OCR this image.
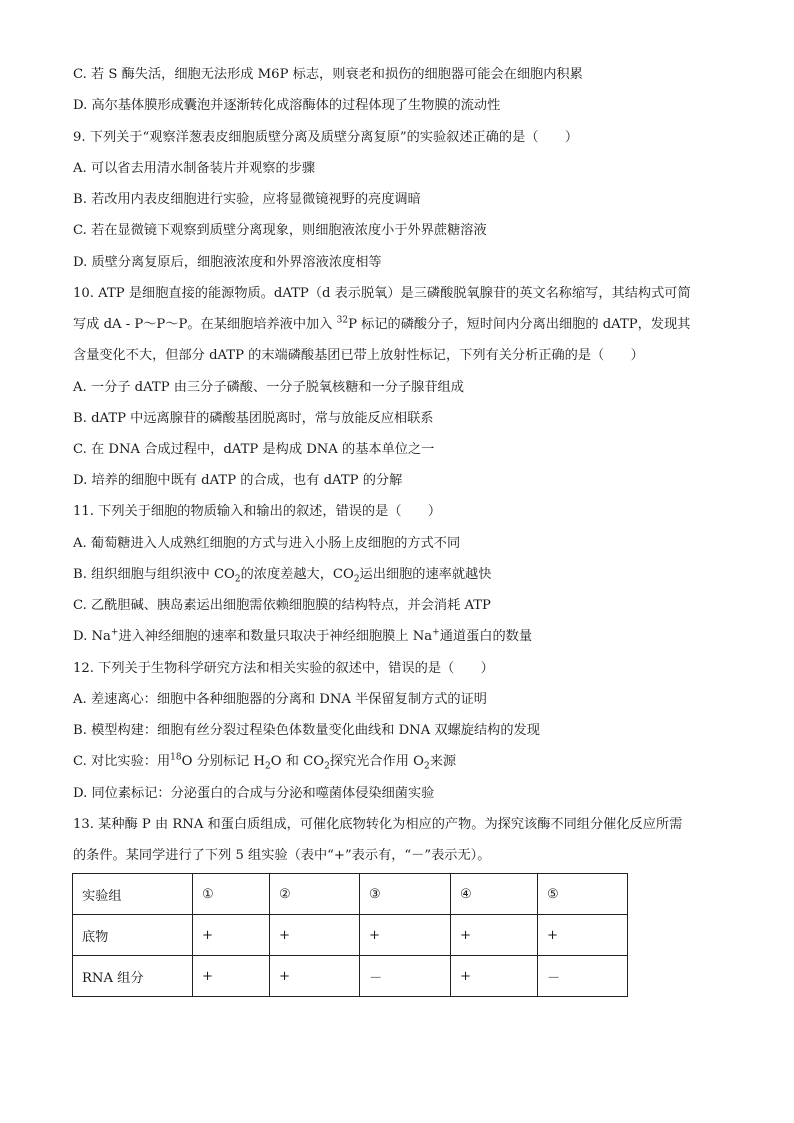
C. 若 S 酶失活，细胞无法形成 M6P 标志，则衰老和损伤的细胞器可能会在细胞内积累
D. 高尔基体膜形成囊泡并逐渐转化成溶酶体的过程体现了生物膜的流动性
9. 下列关于“观察洋葱表皮细胞质壁分离及质壁分离复原”的实验叙述正确的是（　　）
A. 可以省去用清水制备装片并观察的步骤
B. 若改用内表皮细胞进行实验，应将显微镜视野的亮度调暗
C. 若在显微镜下观察到质壁分离现象，则细胞液浓度小于外界蔗糖溶液
D. 质壁分离复原后，细胞液浓度和外界溶液浓度相等
10. ATP 是细胞直接的能源物质。dATP（d 表示脱氧）是三磷酸脱氧腺苷的英文名称缩写，其结构式可简
写成 dA - P～P～P。在某细胞培养液中加入 $^{32}$P 标记的磷酸分子，短时间内分离出细胞的 dATP，发现其
含量变化不大，但部分 dATP 的末端磷酸基团已带上放射性标记，下列有关分析正确的是（　　）
A. 一分子 dATP 由三分子磷酸、一分子脱氧核糖和一分子腺苷组成
B. dATP 中远离腺苷的磷酸基团脱离时，常与放能反应相联系
C. 在 DNA 合成过程中，dATP 是构成 DNA 的基本单位之一
D. 培养的细胞中既有 dATP 的合成，也有 dATP 的分解
11. 下列关于细胞的物质输入和输出的叙述，错误的是（　　）
A. 葡萄糖进入人成熟红细胞的方式与进入小肠上皮细胞的方式不同
B. 组织细胞与组织液中 $CO_2$的浓度差越大，$CO_2$运出细胞的速率就越快
C. 乙酰胆碱、胰岛素运出细胞需依赖细胞膜的结构特点，并会消耗 ATP
D. Na+进入神经细胞的速率和数量只取决于神经细胞膜上 Na+通道蛋白的数量
12. 下列关于生物科学研究方法和相关实验的叙述中，错误的是（　　）
A. 差速离心：细胞中各种细胞器的分离和 DNA 半保留复制方式的证明
B. 模型构建：细胞有丝分裂过程染色体数量变化曲线和 DNA 双螺旋结构的发现
C. 对比实验：用$^{18}$O 分别标记 $H_2O$ 和 $CO_2$探究光合作用 $O_2$来源
D. 同位素标记：分泌蛋白的合成与分泌和噬菌体侵染细菌实验
13. 某种酶 P 由 RNA 和蛋白质组成，可催化底物转化为相应的产物。为探究该酶不同组分催化反应所需
的条件。某同学进行了下列 5 组实验（表中“+”表示有，“－”表示无）。
实验组	①	②	③	④	⑤
底物	+	+	+	+	+
RNA 组分	+	+	－	+	－
